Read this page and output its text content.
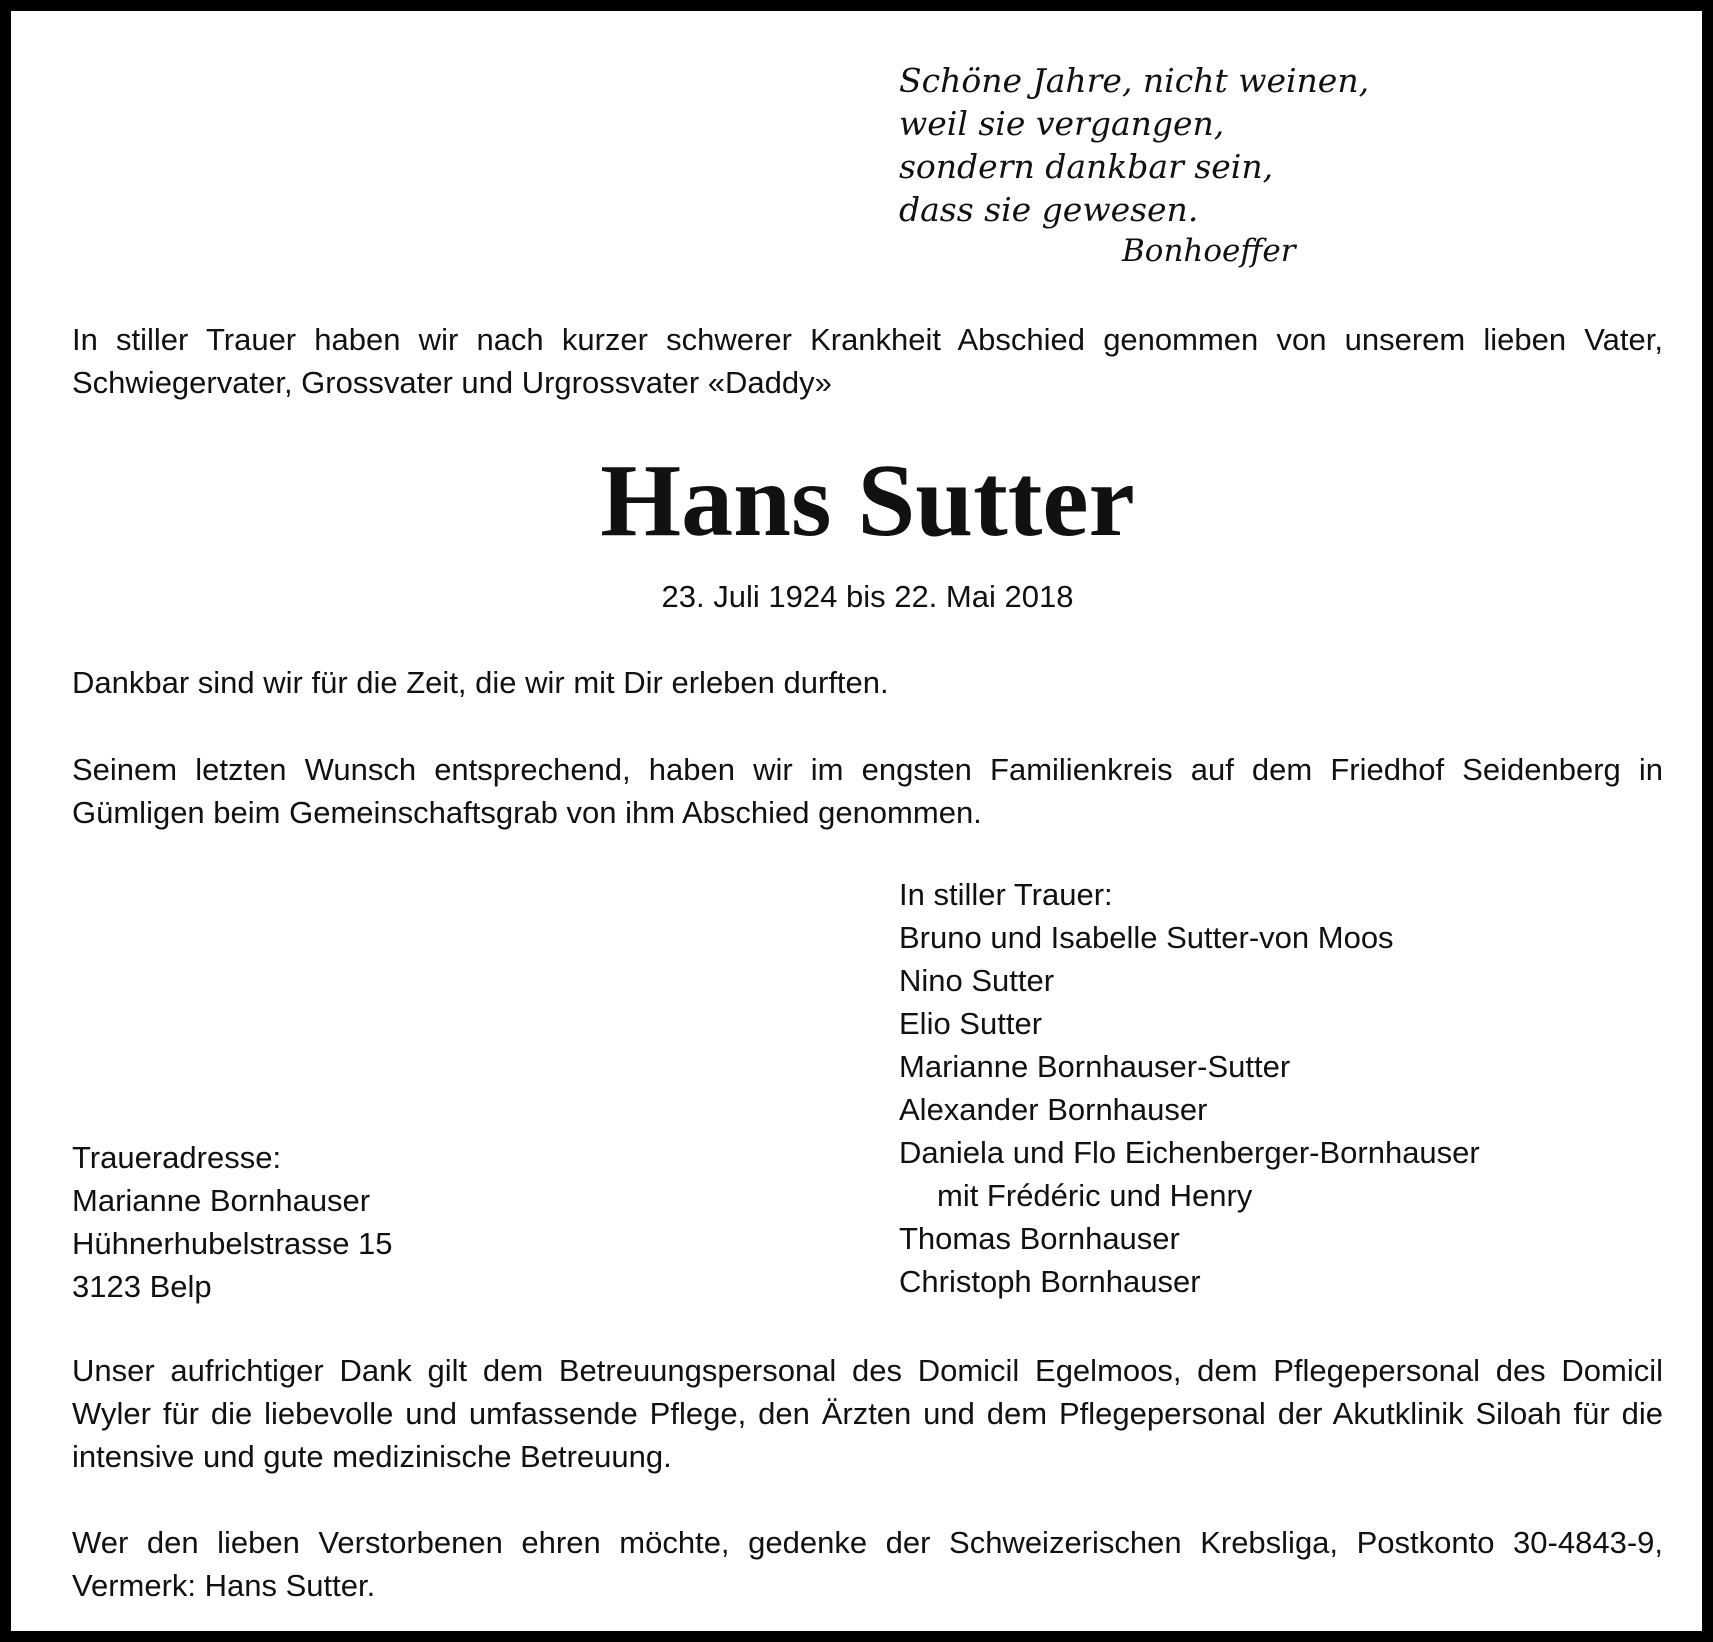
Schöne Jahre, nicht weinen,
weil sie vergangen,
sondern dankbar sein,
dass sie gewesen.
Bonhoeffer

In stiller Trauer haben wir nach kurzer schwerer Krankheit Abschied genommen von unserem lieben Vater, Schwiegervater, Grossvater und Urgrossvater «Daddy»

Hans Sutter
23. Juli 1924 bis 22. Mai 2018

Dankbar sind wir für die Zeit, die wir mit Dir erleben durften.

Seinem letzten Wunsch entsprechend, haben wir im engsten Familienkreis auf dem Friedhof Seidenberg in Gümligen beim Gemeinschaftsgrab von ihm Abschied genommen.

In stiller Trauer:
Bruno und Isabelle Sutter-von Moos
Nino Sutter
Elio Sutter
Marianne Bornhauser-Sutter
Alexander Bornhauser
Daniela und Flo Eichenberger-Bornhauser
mit Frédéric und Henry
Thomas Bornhauser
Christoph Bornhauser
Traueradresse:
Marianne Bornhauser
Hühnerhubelstrasse 15
3123 Belp

Unser aufrichtiger Dank gilt dem Betreuungspersonal des Domicil Egelmoos, dem Pflegepersonal des Domicil Wyler für die liebevolle und umfassende Pflege, den Ärzten und dem Pflegepersonal der Akutklinik Siloah für die intensive und gute medizinische Betreuung.

Wer den lieben Verstorbenen ehren möchte, gedenke der Schweizerischen Krebsliga, Postkonto 30-4843-9, Vermerk: Hans Sutter.
